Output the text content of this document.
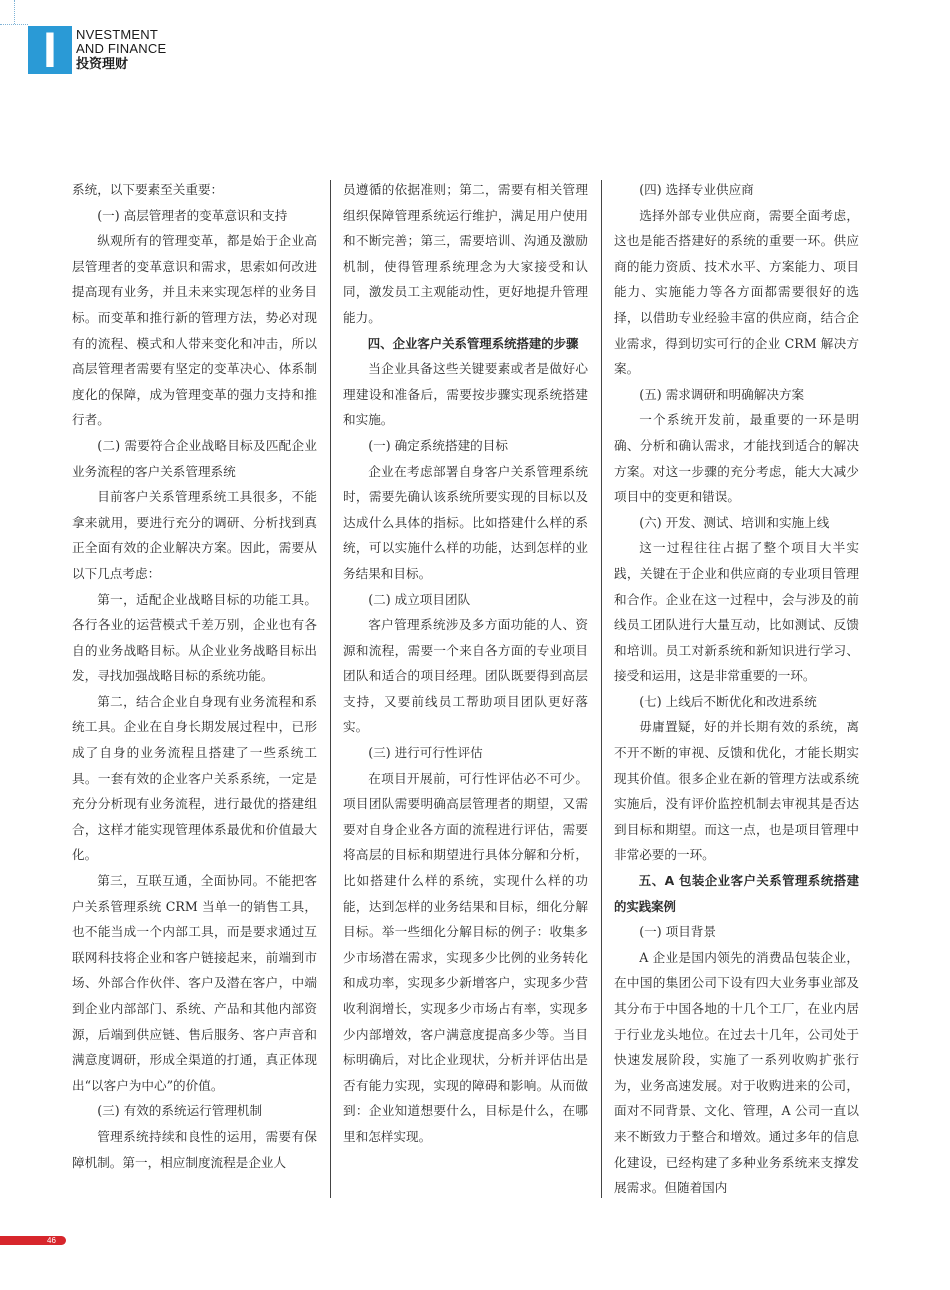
I	NVESTMENT
AND FINANCE
投资理财

系统，以下要素至关重要：

(一) 高层管理者的变革意识和支持

纵观所有的管理变革，都是始于企业高层管理者的变革意识和需求，思索如何改进提高现有业务，并且未来实现怎样的业务目标。而变革和推行新的管理方法，势必对现有的流程、模式和人带来变化和冲击，所以高层管理者需要有坚定的变革决心、体系制度化的保障，成为管理变革的强力支持和推行者。

(二) 需要符合企业战略目标及匹配企业业务流程的客户关系管理系统

目前客户关系管理系统工具很多，不能拿来就用，要进行充分的调研、分析找到真正全面有效的企业解决方案。因此，需要从以下几点考虑：

第一，适配企业战略目标的功能工具。各行各业的运营模式千差万别，企业也有各自的业务战略目标。从企业业务战略目标出发，寻找加强战略目标的系统功能。

第二，结合企业自身现有业务流程和系统工具。企业在自身长期发展过程中，已形成了自身的业务流程且搭建了一些系统工具。一套有效的企业客户关系系统，一定是充分分析现有业务流程，进行最优的搭建组合，这样才能实现管理体系最优和价值最大化。

第三，互联互通，全面协同。不能把客户关系管理系统 CRM 当单一的销售工具，也不能当成一个内部工具，而是要求通过互联网科技将企业和客户链接起来，前端到市场、外部合作伙伴、客户及潜在客户，中端到企业内部部门、系统、产品和其他内部资源，后端到供应链、售后服务、客户声音和满意度调研，形成全渠道的打通，真正体现出“以客户为中心”的价值。

(三) 有效的系统运行管理机制

管理系统持续和良性的运用，需要有保障机制。第一，相应制度流程是企业人

员遵循的依据准则；第二，需要有相关管理组织保障管理系统运行维护，满足用户使用和不断完善；第三，需要培训、沟通及激励机制，使得管理系统理念为大家接受和认同，激发员工主观能动性，更好地提升管理能力。

四、企业客户关系管理系统搭建的步骤

当企业具备这些关键要素或者是做好心理建设和准备后，需要按步骤实现系统搭建和实施。

(一) 确定系统搭建的目标

企业在考虑部署自身客户关系管理系统时，需要先确认该系统所要实现的目标以及达成什么具体的指标。比如搭建什么样的系统，可以实施什么样的功能，达到怎样的业务结果和目标。

(二) 成立项目团队

客户管理系统涉及多方面功能的人、资源和流程，需要一个来自各方面的专业项目团队和适合的项目经理。团队既要得到高层支持，又要前线员工帮助项目团队更好落实。

(三) 进行可行性评估

在项目开展前，可行性评估必不可少。项目团队需要明确高层管理者的期望，又需要对自身企业各方面的流程进行评估，需要将高层的目标和期望进行具体分解和分析，比如搭建什么样的系统，实现什么样的功能，达到怎样的业务结果和目标，细化分解目标。举一些细化分解目标的例子：收集多少市场潜在需求，实现多少比例的业务转化和成功率，实现多少新增客户，实现多少营收利润增长，实现多少市场占有率，实现多少内部增效，客户满意度提高多少等。当目标明确后，对比企业现状，分析并评估出是否有能力实现，实现的障碍和影响。从而做到：企业知道想要什么，目标是什么，在哪里和怎样实现。

(四) 选择专业供应商

选择外部专业供应商，需要全面考虑，这也是能否搭建好的系统的重要一环。供应商的能力资质、技术水平、方案能力、项目能力、实施能力等各方面都需要很好的选择，以借助专业经验丰富的供应商，结合企业需求，得到切实可行的企业 CRM 解决方案。

(五) 需求调研和明确解决方案

一个系统开发前，最重要的一环是明确、分析和确认需求，才能找到适合的解决方案。对这一步骤的充分考虑，能大大减少项目中的变更和错误。

(六) 开发、测试、培训和实施上线

这一过程往往占据了整个项目大半实践，关键在于企业和供应商的专业项目管理和合作。企业在这一过程中，会与涉及的前线员工团队进行大量互动，比如测试、反馈和培训。员工对新系统和新知识进行学习、接受和运用，这是非常重要的一环。

(七) 上线后不断优化和改进系统

毋庸置疑，好的并长期有效的系统，离不开不断的审视、反馈和优化，才能长期实现其价值。很多企业在新的管理方法或系统实施后，没有评价监控机制去审视其是否达到目标和期望。而这一点，也是项目管理中非常必要的一环。

五、A 包装企业客户关系管理系统搭建的实践案例

(一) 项目背景

A 企业是国内领先的消费品包装企业，在中国的集团公司下设有四大业务事业部及其分布于中国各地的十几个工厂，在业内居于行业龙头地位。在过去十几年，公司处于快速发展阶段，实施了一系列收购扩张行为，业务高速发展。对于收购进来的公司，面对不同背景、文化、管理，A 公司一直以来不断致力于整合和增效。通过多年的信息化建设，已经构建了多种业务系统来支撑发展需求。但随着国内

46
